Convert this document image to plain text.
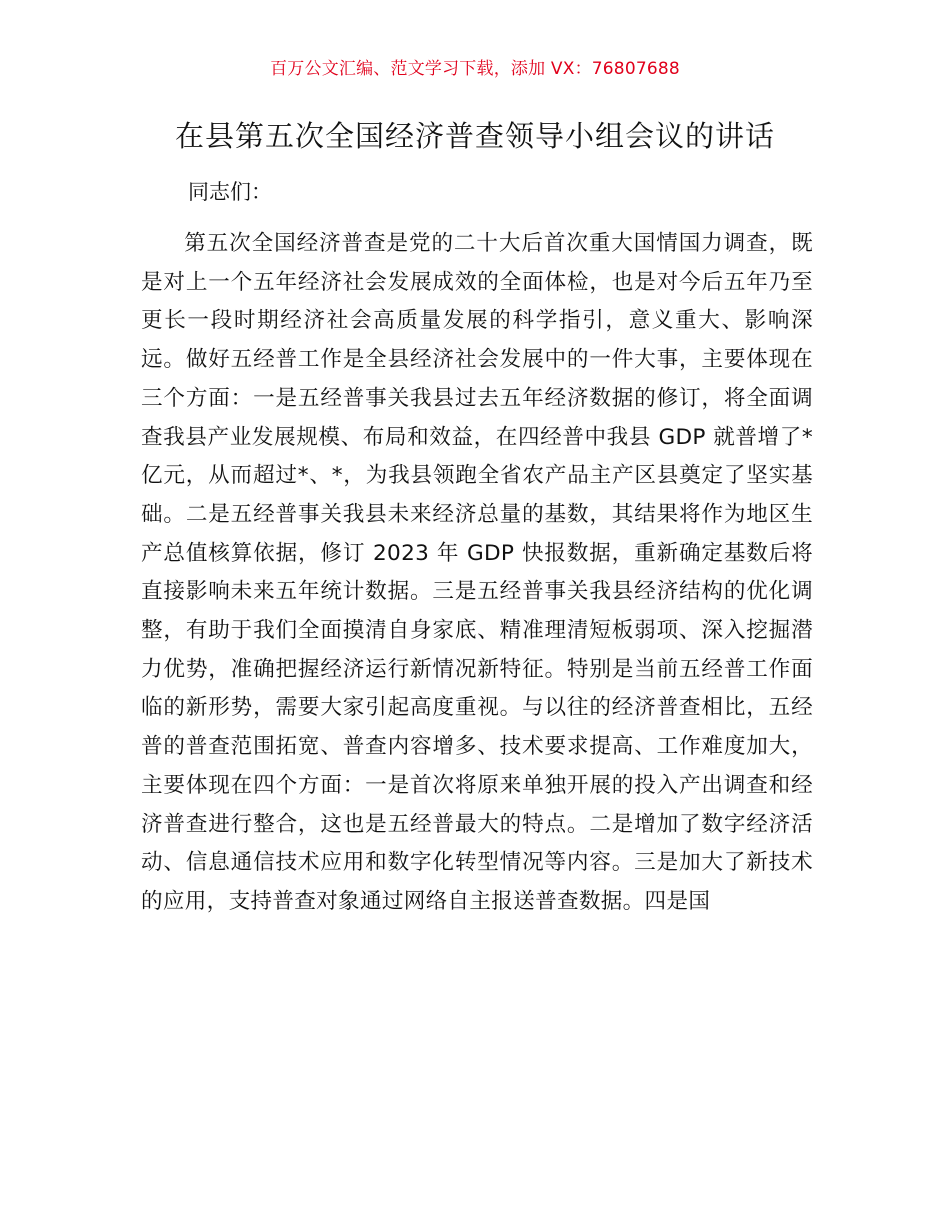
百万公文汇编、范文学习下载，添加 VX：76807688
在县第五次全国经济普查领导小组会议的讲话
同志们：

第五次全国经济普查是党的二十大后首次重大国情国力调查，既是对上一个五年经济社会发展成效的全面体检，也是对今后五年乃至更长一段时期经济社会高质量发展的科学指引，意义重大、影响深远。做好五经普工作是全县经济社会发展中的一件大事，主要体现在三个方面：一是五经普事关我县过去五年经济数据的修订，将全面调查我县产业发展规模、布局和效益，在四经普中我县 GDP 就普增了*亿元，从而超过*、*，为我县领跑全省农产品主产区县奠定了坚实基础。二是五经普事关我县未来经济总量的基数，其结果将作为地区生产总值核算依据，修订 2023 年 GDP 快报数据，重新确定基数后将直接影响未来五年统计数据。三是五经普事关我县经济结构的优化调整，有助于我们全面摸清自身家底、精准理清短板弱项、深入挖掘潜力优势，准确把握经济运行新情况新特征。特别是当前五经普工作面临的新形势，需要大家引起高度重视。与以往的经济普查相比，五经普的普查范围拓宽、普查内容增多、技术要求提高、工作难度加大，主要体现在四个方面：一是首次将原来单独开展的投入产出调查和经济普查进行整合，这也是五经普最大的特点。二是增加了数字经济活动、信息通信技术应用和数字化转型情况等内容。三是加大了新技术的应用，支持普查对象通过网络自主报送普查数据。四是国
